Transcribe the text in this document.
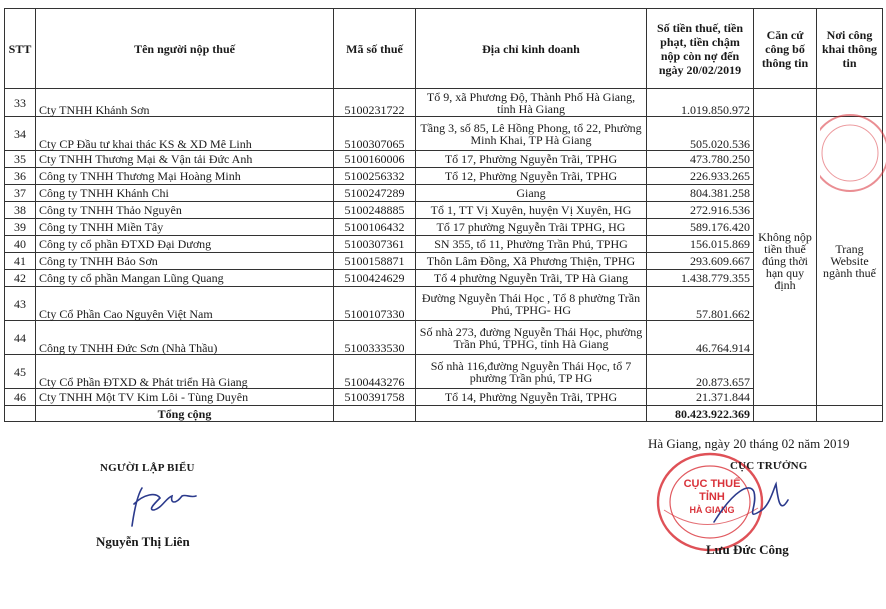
STT	Tên người nộp thuế	Mã số thuế	Địa chỉ kinh doanh	Số tiền thuế, tiền phạt, tiền chậm nộp còn nợ đến ngày 20/02/2019	Căn cứ công bố thông tin	Nơi công khai thông tin
33	Cty TNHH Khánh Sơn	5100231722	Tổ 9, xã Phương Độ, Thành Phố Hà Giang, tỉnh Hà Giang	1.019.850.972		
34	Cty CP Đầu tư khai thác KS & XD Mê Linh	5100307065	Tầng 3, số 85, Lê Hồng Phong, tổ 22, Phường Minh Khai, TP Hà Giang	505.020.536	Không nộp tiền thuế đúng thời hạn quy định	Trang Website ngành thuế
35	Cty TNHH Thương Mại & Vận tải Đức Anh	5100160006	Tổ 17, Phường Nguyễn Trãi, TPHG	473.780.250		
36	Công ty TNHH Thương Mại Hoàng Minh	5100256332	Tổ 12, Phường Nguyễn Trãi, TPHG	226.933.265		
37	Công ty TNHH Khánh Chi	5100247289	Giang	804.381.258		
38	Công ty TNHH Thảo Nguyên	5100248885	Tổ 1, TT Vị Xuyên, huyện Vị Xuyên, HG	272.916.536		
39	Công ty TNHH Miền Tây	5100106432	Tổ 17 phường Nguyễn Trãi TPHG, HG	589.176.420		
40	Công ty cổ phần ĐTXD Đại Dương	5100307361	SN 355, tổ 11, Phường Trần Phú, TPHG	156.015.869		
41	Công ty TNHH Bảo Sơn	5100158871	Thôn Lâm Đồng, Xã Phương Thiện, TPHG	293.609.667		
42	Công ty cổ phần Mangan Lũng Quang	5100424629	Tổ 4 phường Nguyễn Trãi, TP Hà Giang	1.438.779.355		
43	Cty Cổ Phần Cao Nguyên Việt Nam	5100107330	Đường Nguyễn Thái Học , Tổ 8 phường Trần Phú, TPHG- HG	57.801.662		
44	Công ty TNHH Đức Sơn (Nhà Thầu)	5100333530	Số nhà 273, đường Nguyễn Thái Học, phường Trần Phú, TPHG, tỉnh Hà Giang	46.764.914		
45	Cty Cổ Phần ĐTXD & Phát triển Hà Giang	5100443276	Số nhà 116,đường Nguyễn Thái Học, tổ 7 phường Trần phú, TP HG	20.873.657		
46	Cty TNHH Một TV Kim Lôi - Tùng Duyên	5100391758	Tổ 14, Phường Nguyễn Trãi, TPHG	21.371.844		
	Tổng cộng			80.423.922.369		
Hà Giang, ngày 20 tháng 02 năm 2019
NGƯỜI LẬP BIỂU
Nguyễn Thị Liên
CỤC THUẾ
TỈNH
HÀ GIANG
CỤC TRƯỞNG
Lưu Đức Công
